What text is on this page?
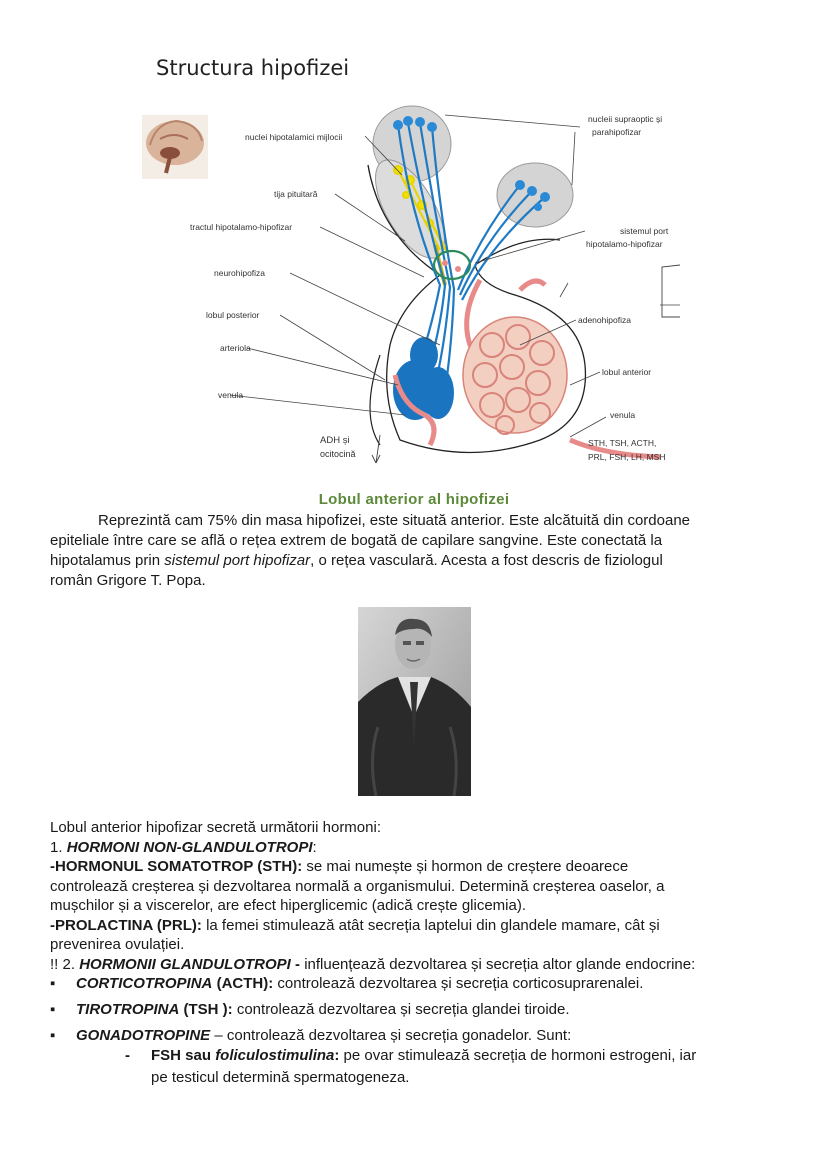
Structura hipofizei
nuclei hipotalamici mijlocii
tija pituitară
tractul hipotalamo-hipofizar
neurohipofiza
lobul posterior
arteriola
venula
ADH și
ocitocină
nucleii supraoptic și
parahipofizar
sistemul port
hipotalamo-hipofizar
adenohipofiza
lobul anterior
venula
STH, TSH, ACTH,
PRL, FSH, LH, MSH
Lobul anterior al hipofizei

Reprezintă cam 75% din masa hipofizei, este situată anterior. Este alcătuită din cordoane

epiteliale între care se află o rețea extrem de bogată de capilare sangvine. Este conectată la

hipotalamus prin sistemul port hipofizar, o rețea vasculară. Acesta a fost descris de fiziologul

român Grigore T. Popa.

Lobul anterior hipofizar secretă următorii hormoni:

1. HORMONI NON-GLANDULOTROPI:

-HORMONUL SOMATOTROP (STH): se mai numește și hormon de creștere deoarece

controlează creșterea și dezvoltarea normală a organismului. Determină creșterea oaselor, a

mușchilor și a viscerelor, are efect hiperglicemic (adică crește glicemia).

-PROLACTINA (PRL): la femei stimulează atât secreția laptelui din glandele mamare, cât și

prevenirea ovulației.

!! 2. HORMONII GLANDULOTROPI - influențează dezvoltarea și secreția altor glande endocrine:

▪	CORTICOTROPINA (ACTH): controlează dezvoltarea și secreția corticosuprarenalei.
▪	TIROTROPINA (TSH ): controlează dezvoltarea și secreția glandei tiroide.
▪	GONADOTROPINE – controlează dezvoltarea și secreția gonadelor. Sunt:
- FSH sau foliculostimulina: pe ovar stimulează secreția de hormoni estrogeni, iar

pe testicul determină spermatogeneza.
